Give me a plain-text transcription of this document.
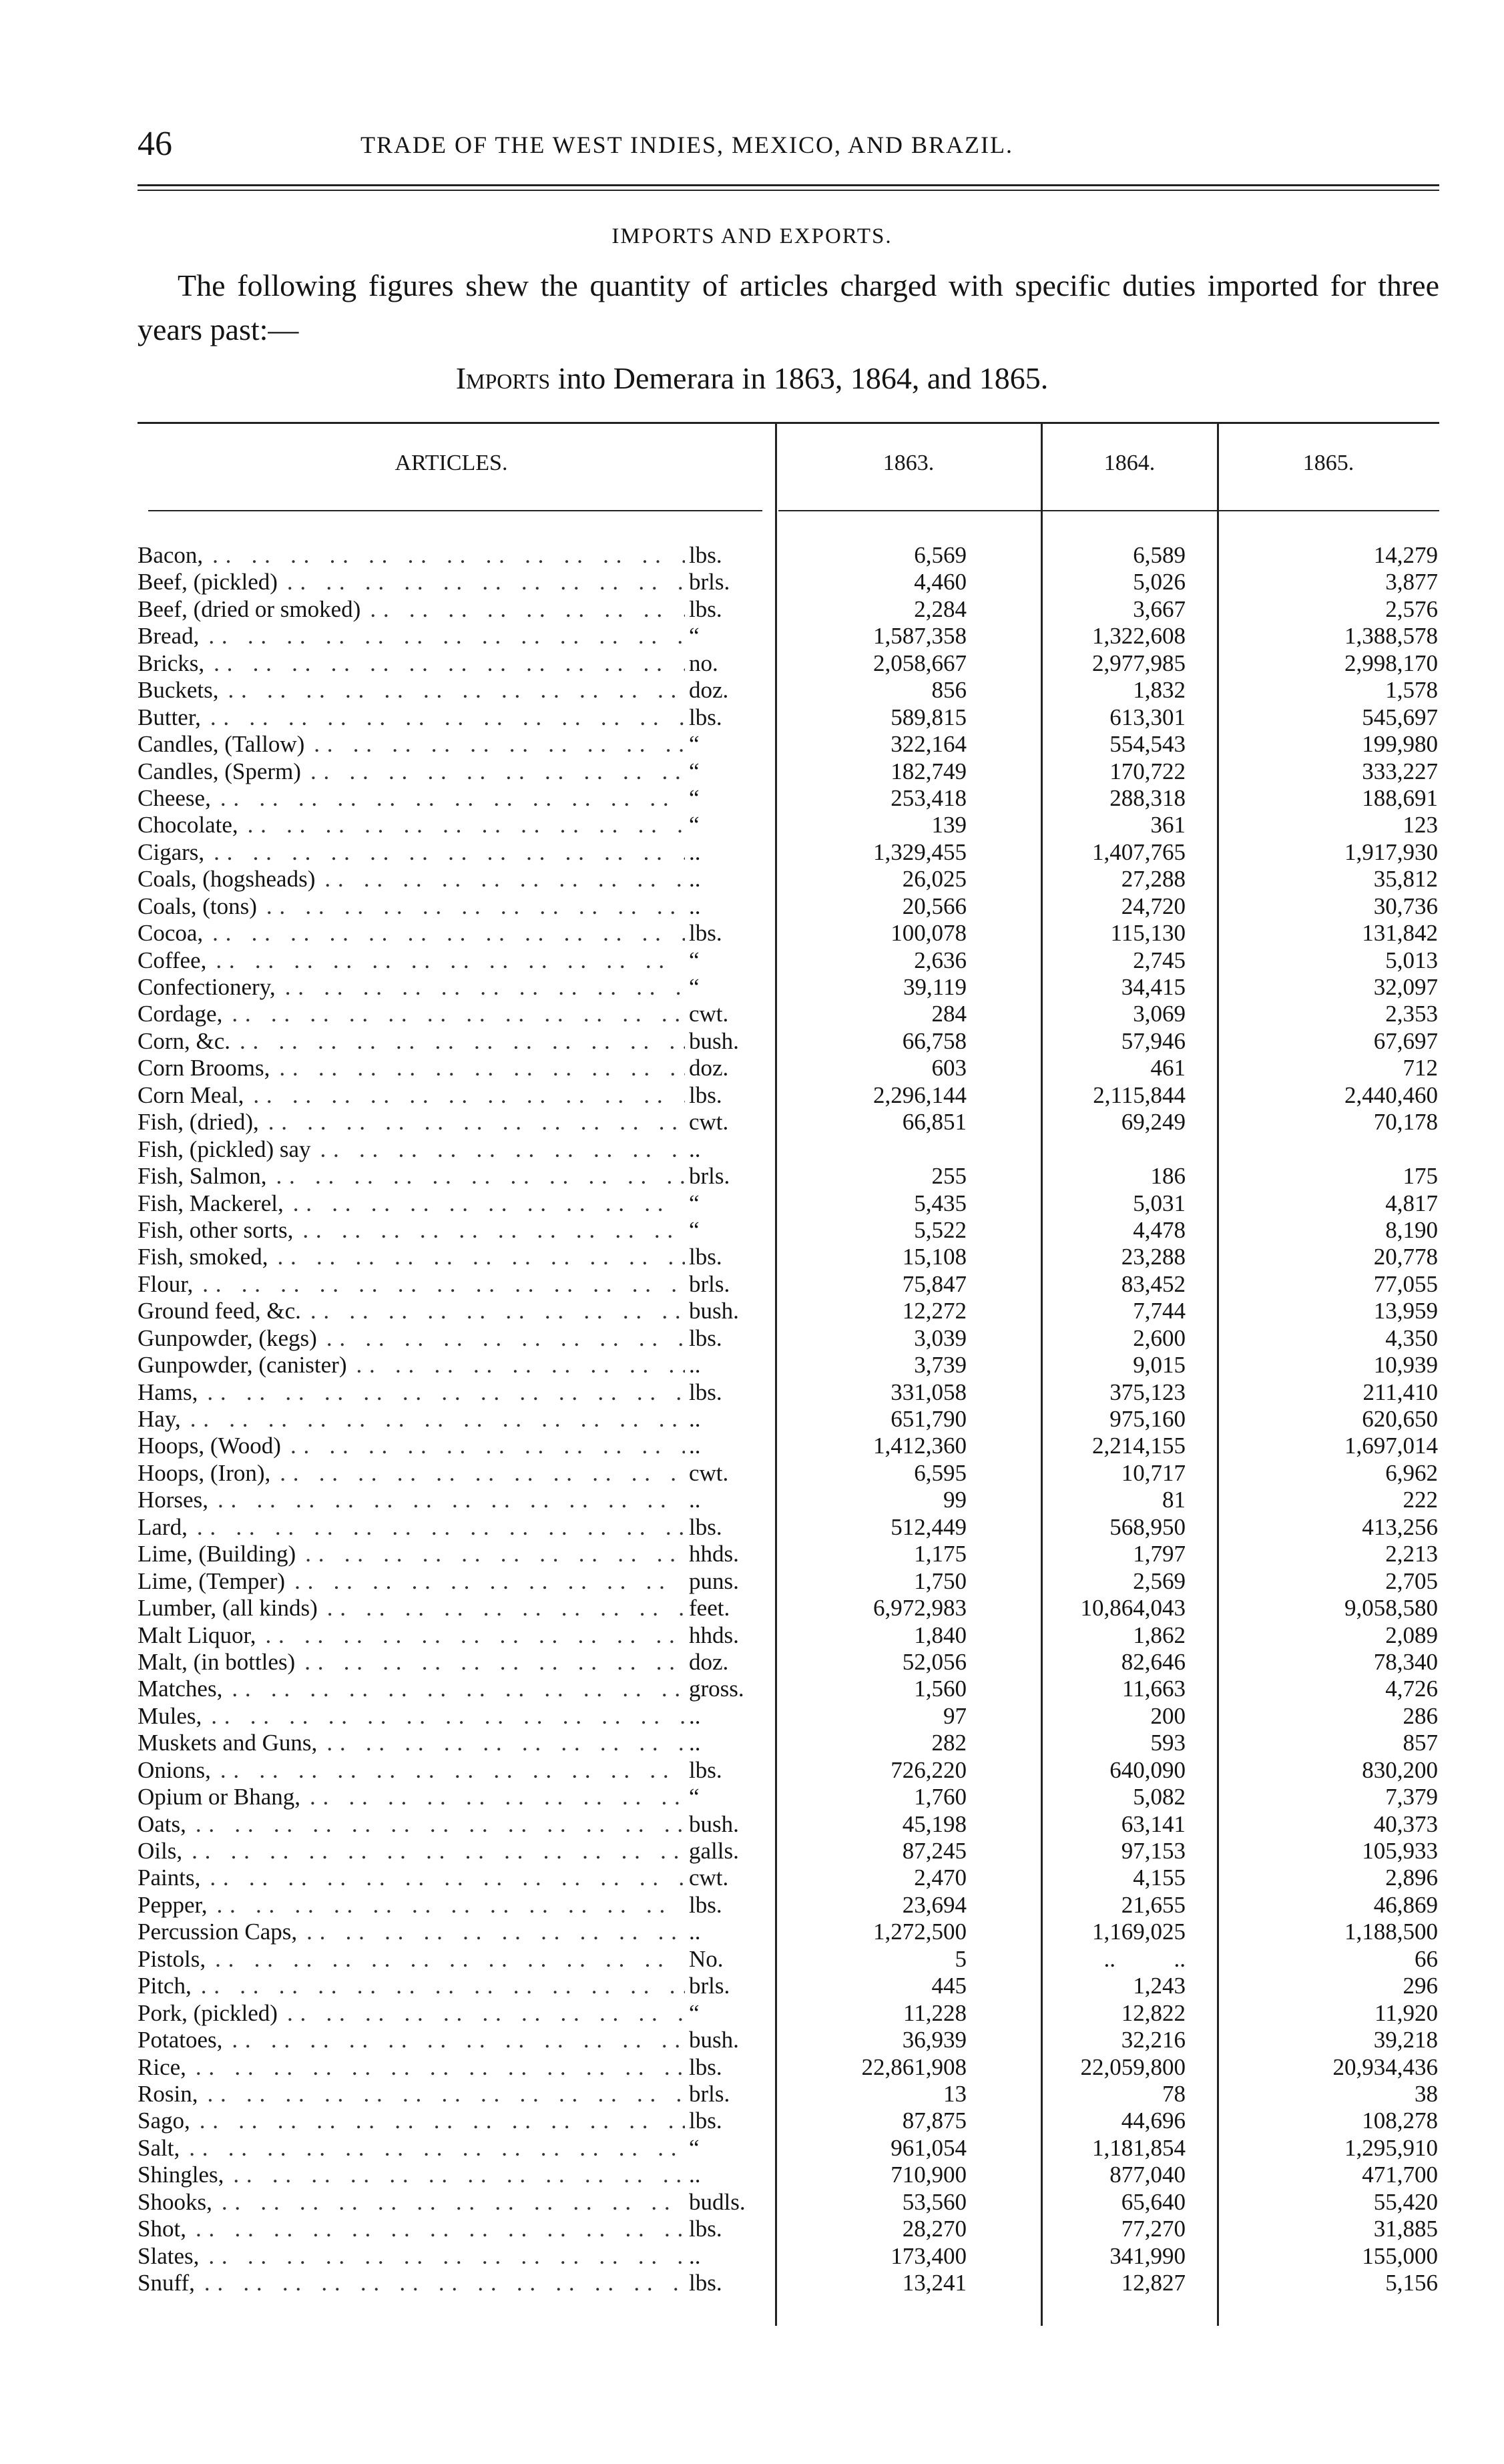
46	TRADE OF THE WEST INDIES, MEXICO, AND BRAZIL.
IMPORTS AND EXPORTS.
The following figures shew the quantity of articles charged with specific duties imported for three years past:—
Imports into Demerara in 1863, 1864, and 1865.
ARTICLES.	1863.	1864.	1865.
Bacon, . .	lbs.	6,569	6,589	14,279
Beef, (pickled) . .	brls.	4,460	5,026	3,877
Beef, (dried or smoked) . .	lbs.	2,284	3,667	2,576
Bread, . .	“	1,587,358	1,322,608	1,388,578
Bricks, . .	no.	2,058,667	2,977,985	2,998,170
Buckets, . .	doz.	856	1,832	1,578
Butter, . .	lbs.	589,815	613,301	545,697
Candles, (Tallow) . .	“	322,164	554,543	199,980
Candles, (Sperm) . .	“	182,749	170,722	333,227
Cheese, . .	“	253,418	288,318	188,691
Chocolate, . .	“	139	361	123
Cigars, . .	..	1,329,455	1,407,765	1,917,930
Coals, (hogsheads) . .	..	26,025	27,288	35,812
Coals, (tons) . .	..	20,566	24,720	30,736
Cocoa, . .	lbs.	100,078	115,130	131,842
Coffee, . .	“	2,636	2,745	5,013
Confectionery, . .	“	39,119	34,415	32,097
Cordage, . .	cwt.	284	3,069	2,353
Corn, &c. . .	bush.	66,758	57,946	67,697
Corn Brooms, . .	doz.	603	461	712
Corn Meal, . .	lbs.	2,296,144	2,115,844	2,440,460
Fish, (dried), . .	cwt.	66,851	69,249	70,178
Fish, (pickled) say . .	..
Fish, Salmon, . .	brls.	255	186	175
Fish, Mackerel, . .	“	5,435	5,031	4,817
Fish, other sorts, . .	“	5,522	4,478	8,190
Fish, smoked, . .	lbs.	15,108	23,288	20,778
Flour, . .	brls.	75,847	83,452	77,055
Ground feed, &c. . .	bush.	12,272	7,744	13,959
Gunpowder, (kegs) . .	lbs.	3,039	2,600	4,350
Gunpowder, (canister) . .	..	3,739	9,015	10,939
Hams, . .	lbs.	331,058	375,123	211,410
Hay, . .	..	651,790	975,160	620,650
Hoops, (Wood) . .	..	1,412,360	2,214,155	1,697,014
Hoops, (Iron), . .	cwt.	6,595	10,717	6,962
Horses, . .	..	99	81	222
Lard, . .	lbs.	512,449	568,950	413,256
Lime, (Building) . .	hhds.	1,175	1,797	2,213
Lime, (Temper) . .	puns.	1,750	2,569	2,705
Lumber, (all kinds) . .	feet.	6,972,983	10,864,043	9,058,580
Malt Liquor, . .	hhds.	1,840	1,862	2,089
Malt, (in bottles) . .	doz.	52,056	82,646	78,340
Matches, . .	gross.	1,560	11,663	4,726
Mules, . .	..	97	200	286
Muskets and Guns, . .	..	282	593	857
Onions, . .	lbs.	726,220	640,090	830,200
Opium or Bhang, . .	“	1,760	5,082	7,379
Oats, . .	bush.	45,198	63,141	40,373
Oils, . .	galls.	87,245	97,153	105,933
Paints, . .	cwt.	2,470	4,155	2,896
Pepper, . .	lbs.	23,694	21,655	46,869
Percussion Caps, . .	..	1,272,500	1,169,025	1,188,500
Pistols, . .	No.	5	..          ..	66
Pitch, . .	brls.	445	1,243	296
Pork, (pickled) . .	“	11,228	12,822	11,920
Potatoes, . .	bush.	36,939	32,216	39,218
Rice, . .	lbs.	22,861,908	22,059,800	20,934,436
Rosin, . .	brls.	13	78	38
Sago, . .	lbs.	87,875	44,696	108,278
Salt, . .	“	961,054	1,181,854	1,295,910
Shingles, . .	..	710,900	877,040	471,700
Shooks, . .	budls.	53,560	65,640	55,420
Shot, . .	lbs.	28,270	77,270	31,885
Slates, . .	..	173,400	341,990	155,000
Snuff, . .	lbs.	13,241	12,827	5,156
